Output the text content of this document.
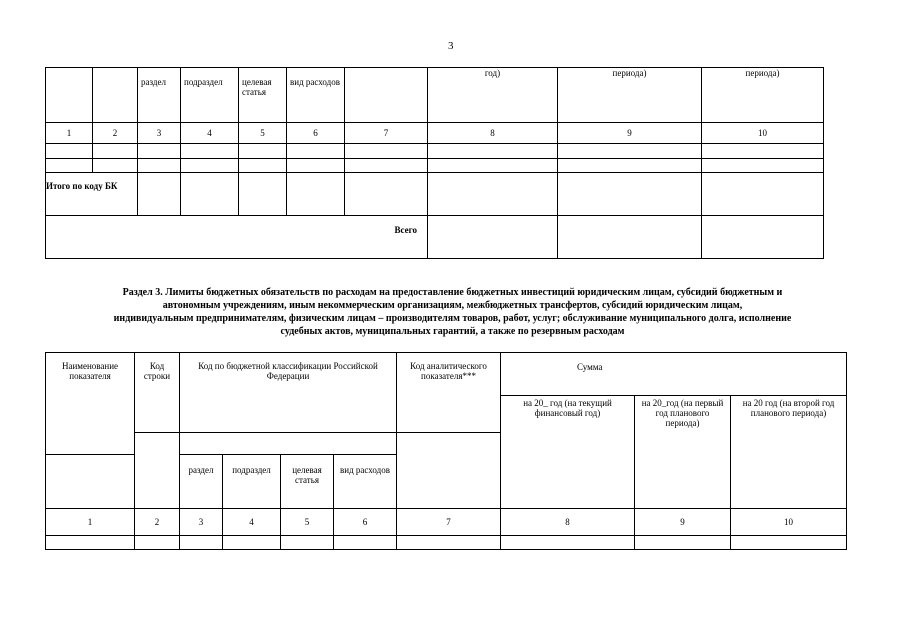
3
		раздел	подраздел	целевая статья	вид расходов		год)	периода)	периода)
1	2	3	4	5	6	7	8	9	10

Итого по коду БК									
Всего									
Раздел 3. Лимиты бюджетных обязательств по расходам на предоставление бюджетных инвестиций юридическим лицам, субсидий бюджетным и
автономным учреждениям, иным некоммерческим организациям, межбюджетных трансфертов, субсидий юридическим лицам,
индивидуальным предпринимателям, физическим лицам – производителям товаров, работ, услуг; обслуживание муниципального долга, исполнение
судебных актов, муниципальных гарантий, а также по резервным расходам
Наименование показателя	Код строки	Код по бюджетной классификации Российской Федерации				Код аналитического показателя***	Сумма		
							на 20_ год (на текущий финансовый год)	на 20_год (на первый год планового периода)	на 20 год (на второй год планового периода)

		раздел	подраздел	целевая статья	вид расходов				
1	2	3	4	5	6	7	8	9	10
